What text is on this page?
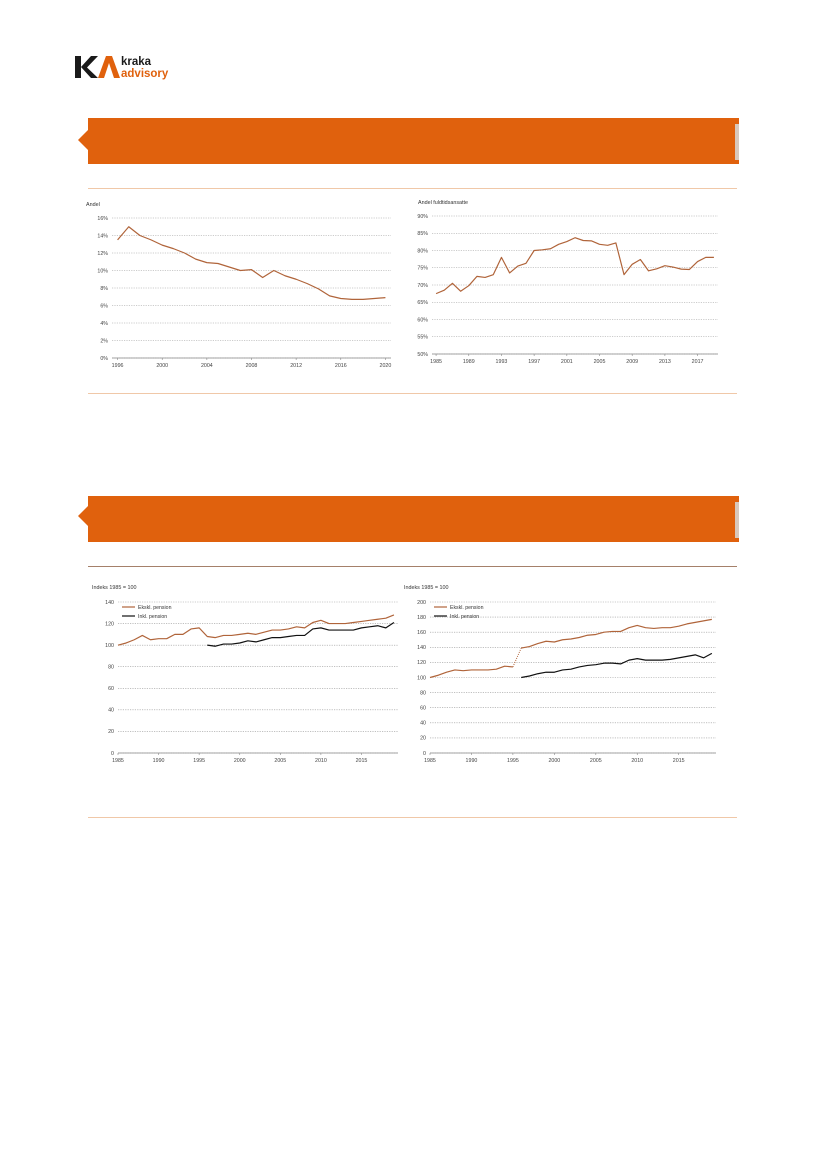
kraka
advisory
Andel
0%
2%
4%
6%
8%
10%
12%
14%
16%
1996	2000	2004	2008	2012	2016	2020
Andel fuldtidsansatte
50%
55%
60%
65%
70%
75%
80%
85%
90%
1985	1989	1993	1997	2001	2005	2009	2013	2017
Indeks 1985 = 100
0
20
40
60
80
100
120
140
1985	1990	1995	2000	2005	2010	2015
Ekskl. pension
Inkl. pension
Indeks 1985 = 100
0
20
40
60
80
100
120
140
160
180
200
1985	1990	1995	2000	2005	2010	2015
Ekskl. pension
Inkl. pension
